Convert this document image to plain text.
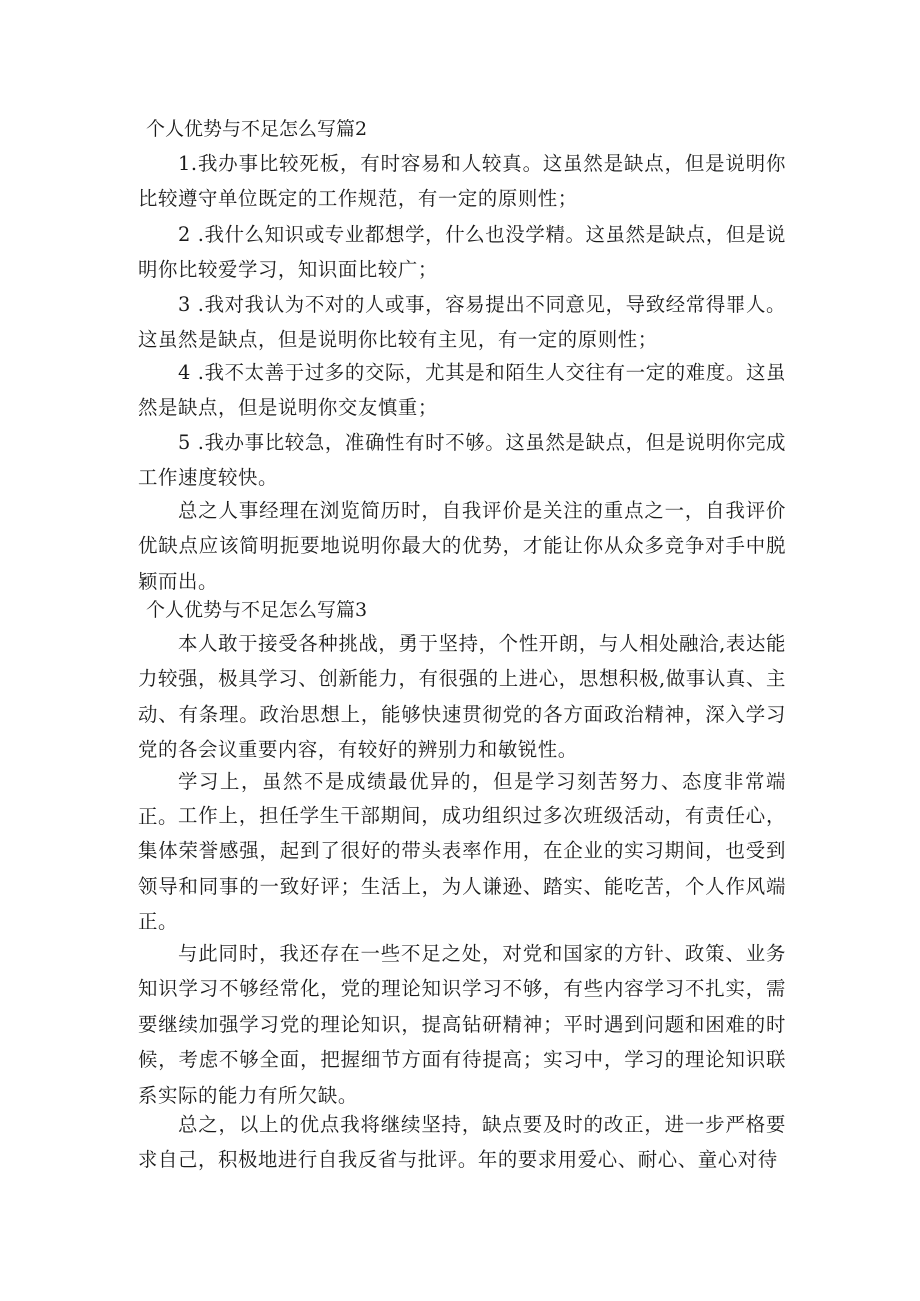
个人优势与不足怎么写篇2

1.我办事比较死板，有时容易和人较真。这虽然是缺点，但是说明你比较遵守单位既定的工作规范，有一定的原则性；

2 .我什么知识或专业都想学，什么也没学精。这虽然是缺点，但是说明你比较爱学习，知识面比较广；

3 .我对我认为不对的人或事，容易提出不同意见，导致经常得罪人。这虽然是缺点，但是说明你比较有主见，有一定的原则性；

4 .我不太善于过多的交际，尤其是和陌生人交往有一定的难度。这虽然是缺点，但是说明你交友慎重；

5 .我办事比较急，准确性有时不够。这虽然是缺点，但是说明你完成工作速度较快。

总之人事经理在浏览简历时，自我评价是关注的重点之一，自我评价优缺点应该简明扼要地说明你最大的优势，才能让你从众多竞争对手中脱颖而出。

个人优势与不足怎么写篇3

本人敢于接受各种挑战，勇于坚持，个性开朗，与人相处融洽,表达能力较强，极具学习、创新能力，有很强的上进心，思想积极,做事认真、主动、有条理。政治思想上，能够快速贯彻党的各方面政治精神，深入学习党的各会议重要内容，有较好的辨别力和敏锐性。

学习上，虽然不是成绩最优异的，但是学习刻苦努力、态度非常端正。 工作上，担任学生干部期间，成功组织过多次班级活动，有责任心，集体荣誉感强，起到了很好的带头表率作用，在企业的实习期间，也受到领导和同事的一致好评；生活上，为人谦逊、踏实、能吃苦，个人作风端正。

与此同时，我还存在一些不足之处，对党和国家的方针、政策、业务知识学习不够经常化，党的理论知识学习不够，有些内容学习不扎实，需要继续加强学习党的理论知识，提高钻研精神；平时遇到问题和困难的时候，考虑不够全面，把握细节方面有待提高；实习中，学习的理论知识联系实际的能力有所欠缺。

总之，以上的优点我将继续坚持，缺点要及时的改正，进一步严格要求自己，积极地进行自我反省与批评。年的要求用爱心、耐心、童心对待
